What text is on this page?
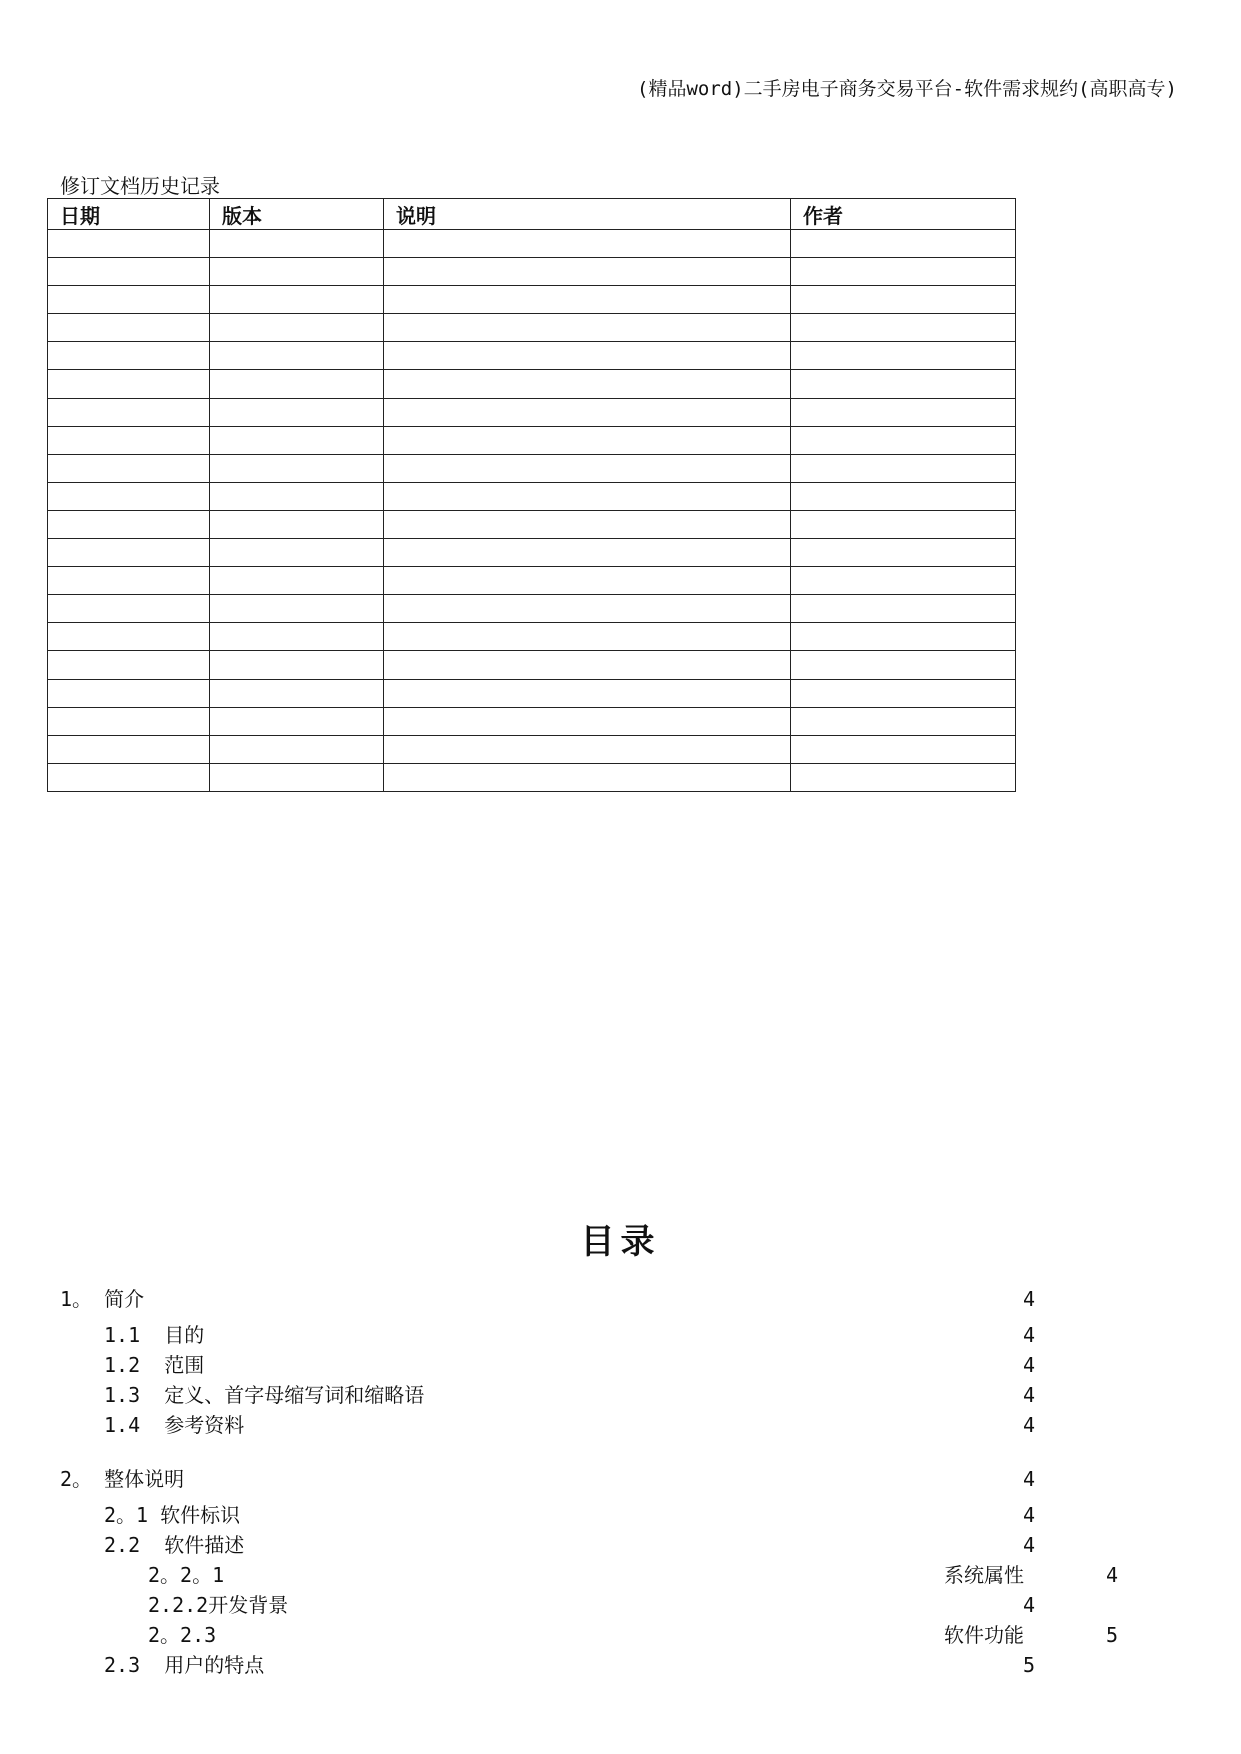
(精品word)二手房电子商务交易平台-软件需求规约(高职高专)
修订文档历史记录
日期	版本	说明	作者

目录
1。 简介	4
1.1  目的	4
1.2  范围	4
1.3  定义、首字母缩写词和缩略语	4
1.4  参考资料	4
2。 整体说明	4
2。1 软件标识	4
2.2  软件描述	4
2。2。1	系统属性	4
2.2.2开发背景	4
2。2.3	软件功能	5
2.3  用户的特点	5
